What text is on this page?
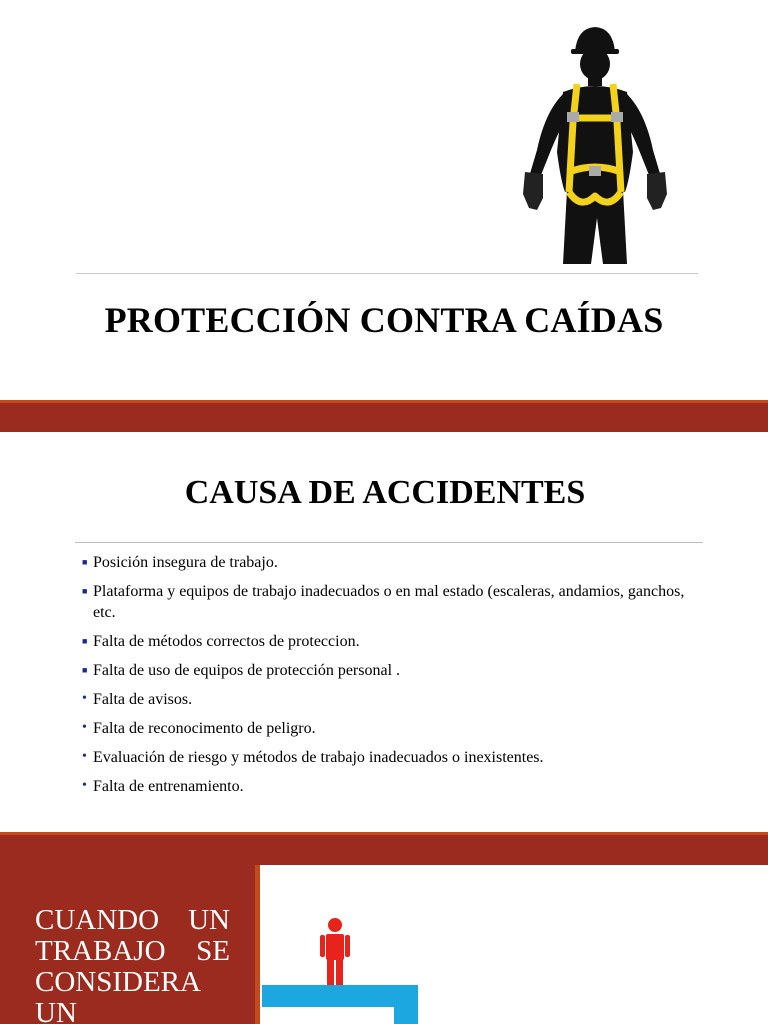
PROTECCIÓN CONTRA CAÍDAS
CAUSA DE ACCIDENTES
■ Posición insegura de trabajo.
■ Plataforma y equipos de trabajo inadecuados o en mal estado (escaleras, andamios, ganchos, etc.
■ Falta de métodos correctos de proteccion.
■ Falta de uso de equipos de protección personal .
• Falta de avisos.
• Falta de reconocimento de peligro.
• Evaluación de riesgo y métodos de trabajo inadecuados o inexistentes.
• Falta de entrenamiento.
CUANDO UN
TRABAJO SE
CONSIDERA
UN
